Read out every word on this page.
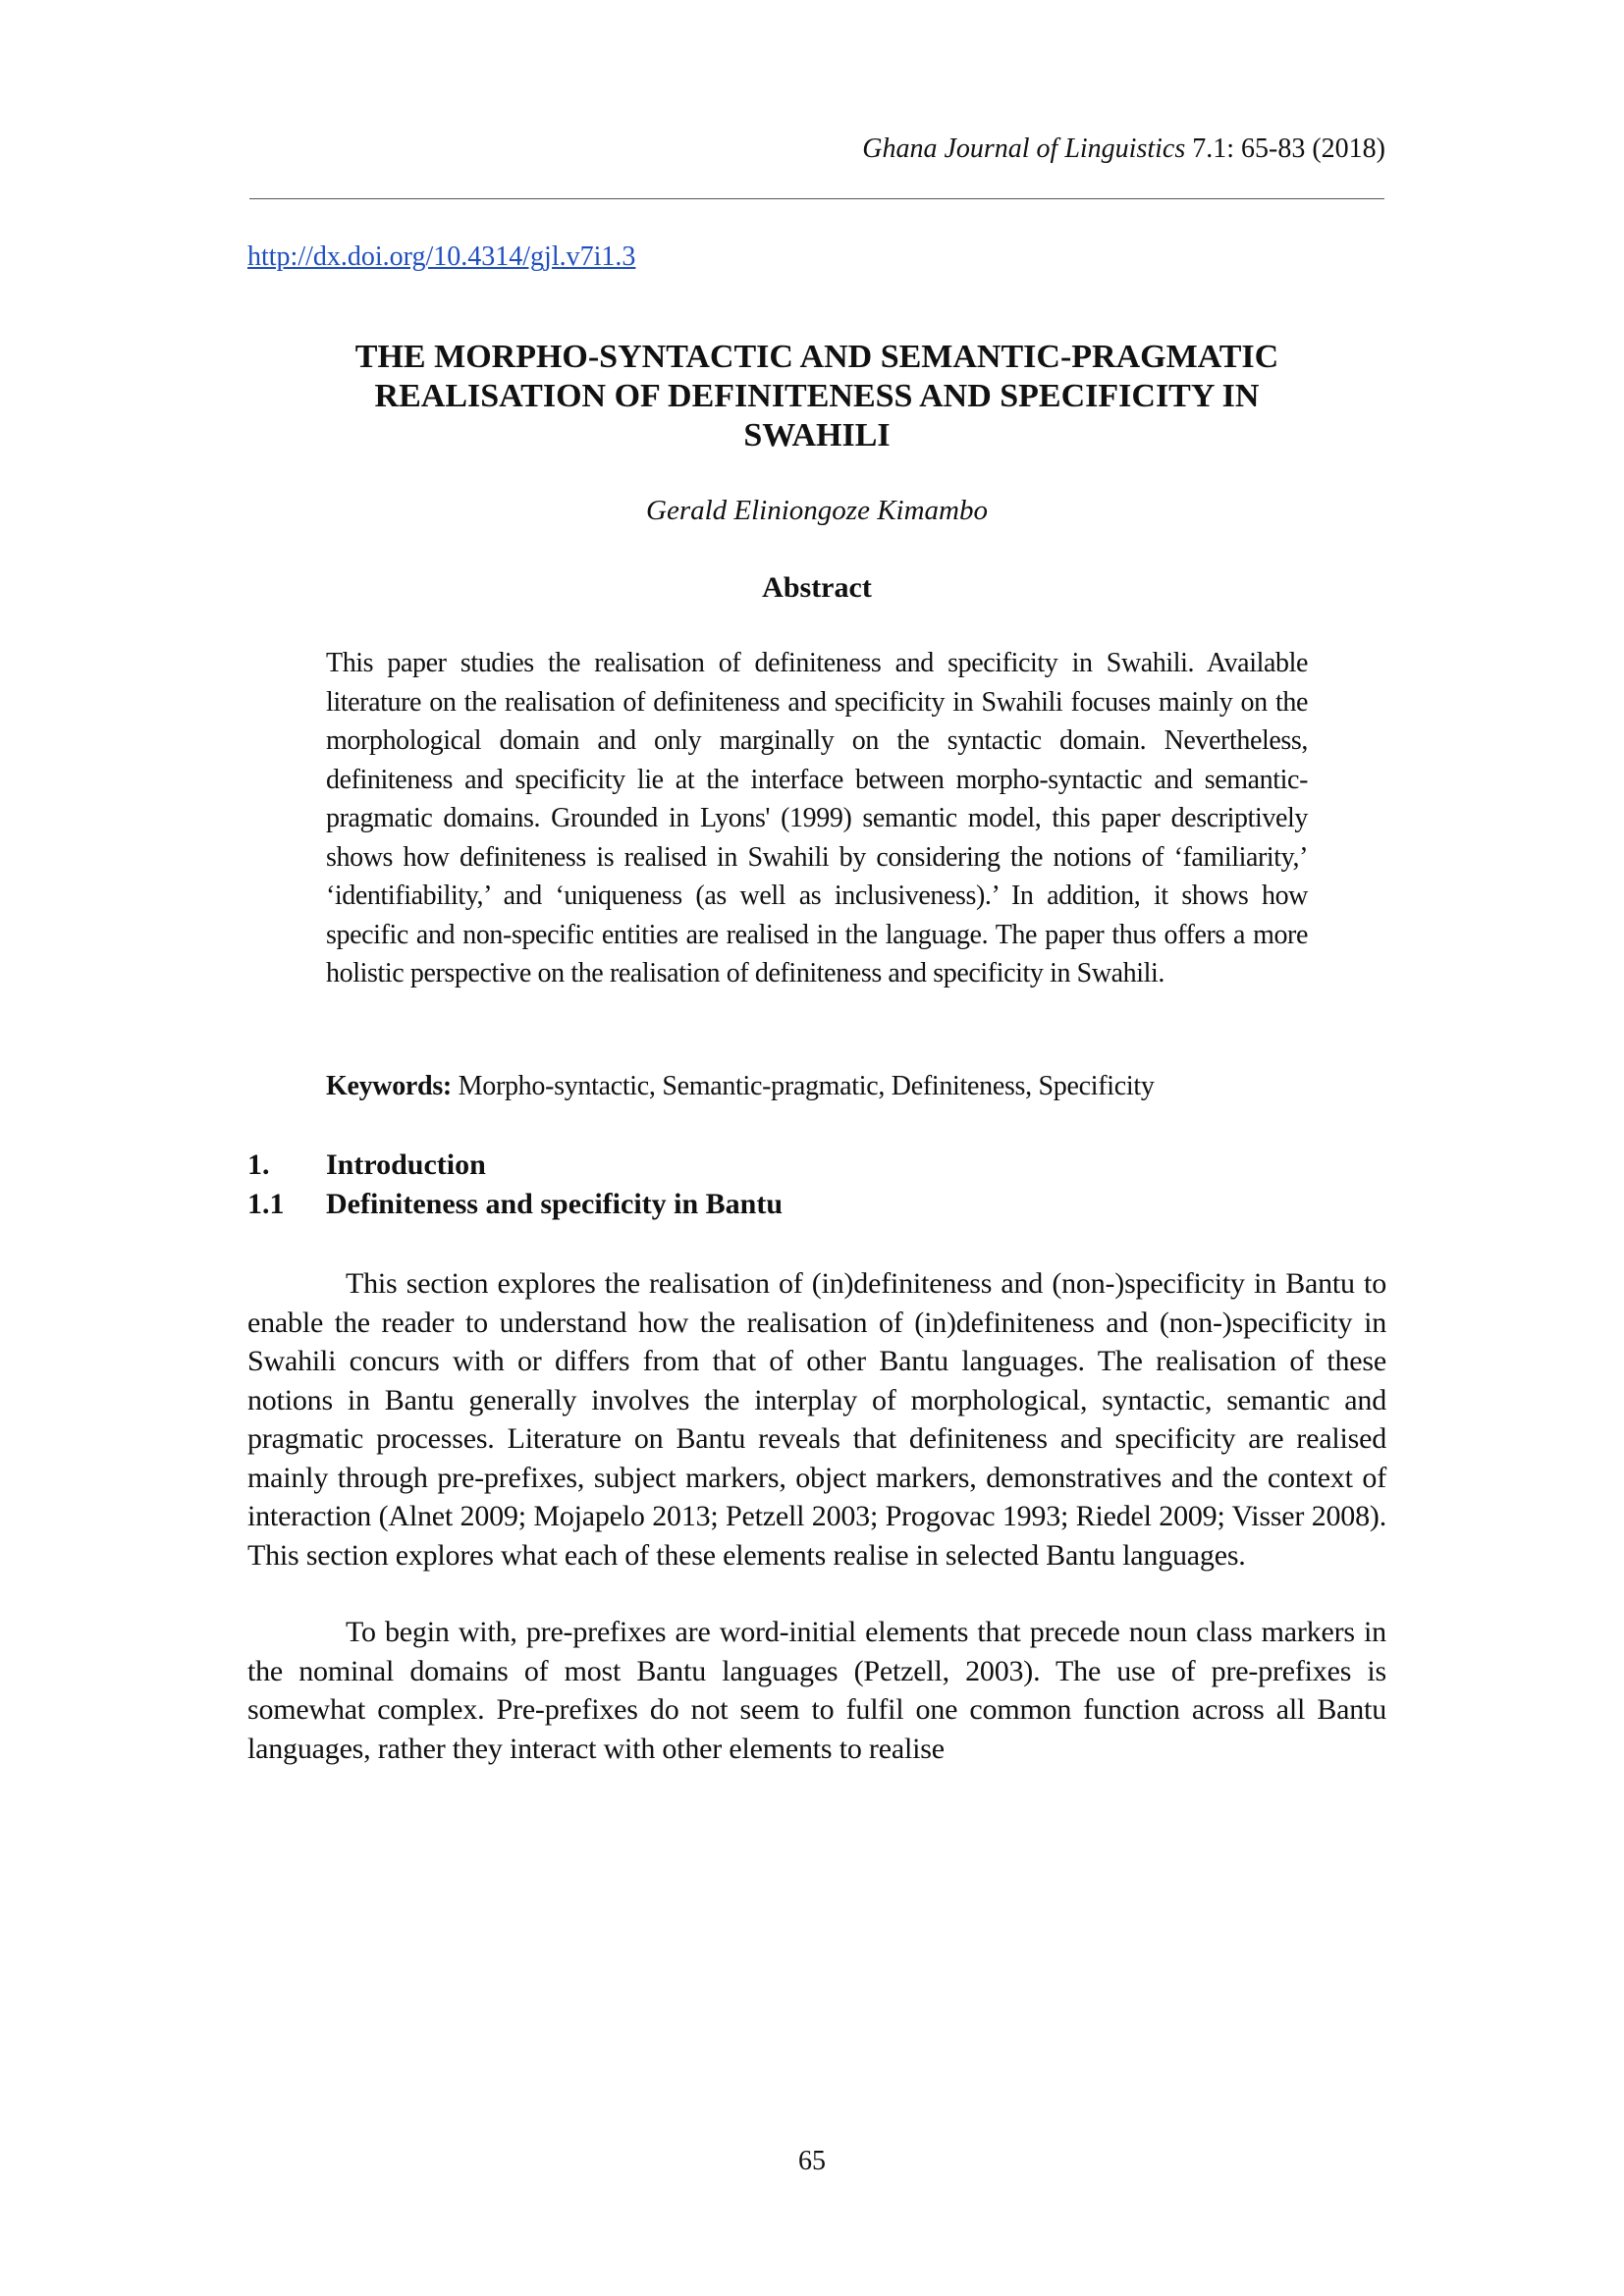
Ghana Journal of Linguistics 7.1: 65-83 (2018)
http://dx.doi.org/10.4314/gjl.v7i1.3
THE MORPHO-SYNTACTIC AND SEMANTIC-PRAGMATIC
REALISATION OF DEFINITENESS AND SPECIFICITY IN
SWAHILI
Gerald Eliniongoze Kimambo
Abstract

This paper studies the realisation of definiteness and specificity in Swahili. Available literature on the realisation of definiteness and specificity in Swahili focuses mainly on the morphological domain and only marginally on the syntactic domain. Nevertheless, definiteness and specificity lie at the interface between morpho-syntactic and semantic-pragmatic domains. Grounded in Lyons' (1999) semantic model, this paper descriptively shows how definiteness is realised in Swahili by considering the notions of ‘familiarity,’ ‘identifiability,’ and ‘uniqueness (as well as inclusiveness).’ In addition, it shows how specific and non-specific entities are realised in the language. The paper thus offers a more holistic perspective on the realisation of definiteness and specificity in Swahili.

Keywords: Morpho-syntactic, Semantic-pragmatic, Definiteness, Specificity
1. Introduction
1.1 Definiteness and specificity in Bantu

This section explores the realisation of (in)definiteness and (non-)specificity in Bantu to enable the reader to understand how the realisation of (in)definiteness and (non-)specificity in Swahili concurs with or differs from that of other Bantu languages. The realisation of these notions in Bantu generally involves the interplay of morphological, syntactic, semantic and pragmatic processes. Literature on Bantu reveals that definiteness and specificity are realised mainly through pre-prefixes, subject markers, object markers, demonstratives and the context of interaction (Alnet 2009; Mojapelo 2013; Petzell 2003; Progovac 1993; Riedel 2009; Visser 2008). This section explores what each of these elements realise in selected Bantu languages.

To begin with, pre-prefixes are word-initial elements that precede noun class markers in the nominal domains of most Bantu languages (Petzell, 2003). The use of pre-prefixes is somewhat complex. Pre-prefixes do not seem to fulfil one common function across all Bantu languages, rather they interact with other elements to realise

65
